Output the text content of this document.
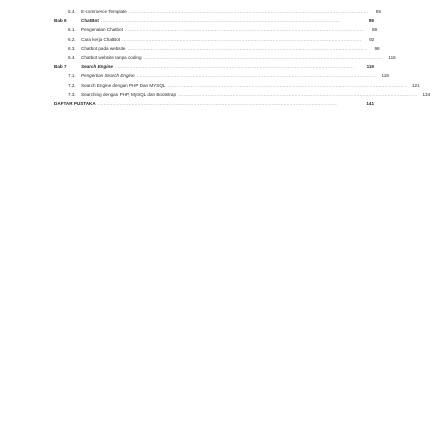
5.4.	E-commerce Template ..................................................................................................................................................................	85
Bab 6	ChatBot ..................................................................................................................................................................	89
6.1.	Pengenalan Chatbot ..................................................................................................................................................................	89
6.2.	Cara kerja ChatBot ..................................................................................................................................................................	92
6.3.	Chatbot pada website ..................................................................................................................................................................	98
6.4.	Chatbot website tanpa coding ..................................................................................................................................................................	116
Bab 7	Search Engine ..................................................................................................................................................................	119
7.1.	Pengertian Search Engine ..................................................................................................................................................................	119
7.2.	Search Engine dengan PHP Dan MYSQL ..................................................................................................................................................................	121
7.3.	Searching dengan PHP, MySQL dan Bootstrap ..................................................................................................................................................................	134
DAFTAR PUSTAKA ..................................................................................................................................................................	141
